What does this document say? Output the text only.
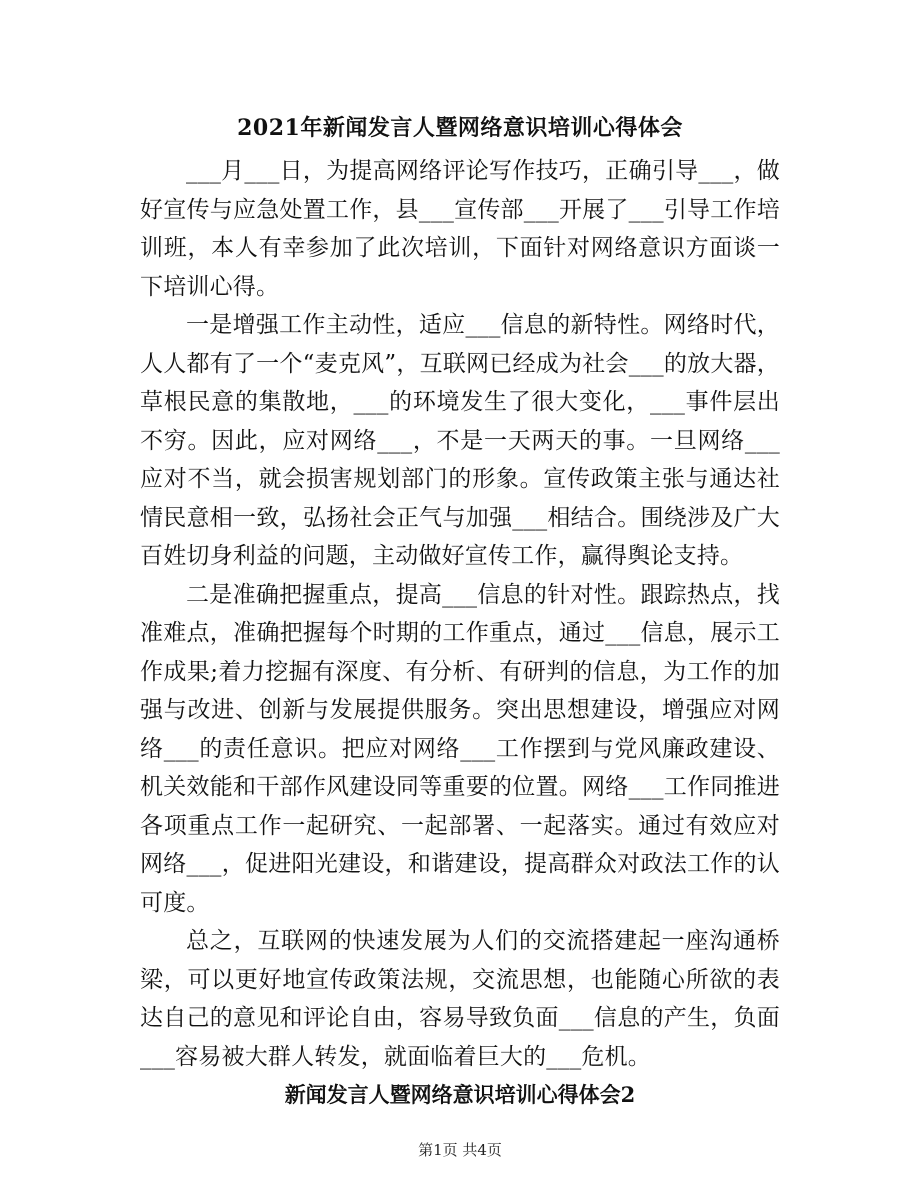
2021年新闻发言人暨网络意识培训心得体会

___月___日，为提高网络评论写作技巧，正确引导___，做好宣传与应急处置工作，县___宣传部___开展了___引导工作培训班，本人有幸参加了此次培训，下面针对网络意识方面谈一下培训心得。

一是增强工作主动性，适应___信息的新特性。网络时代，人人都有了一个“麦克风”，互联网已经成为社会___的放大器，草根民意的集散地，___的环境发生了很大变化，___事件层出不穷。因此，应对网络___，不是一天两天的事。一旦网络___应对不当，就会损害规划部门的形象。宣传政策主张与通达社情民意相一致，弘扬社会正气与加强___相结合。围绕涉及广大百姓切身利益的问题，主动做好宣传工作，赢得舆论支持。

二是准确把握重点，提高___信息的针对性。跟踪热点，找准难点，准确把握每个时期的工作重点，通过___信息，展示工作成果;着力挖掘有深度、有分析、有研判的信息，为工作的加强与改进、创新与发展提供服务。突出思想建设，增强应对网络___的责任意识。把应对网络___工作摆到与党风廉政建设、机关效能和干部作风建设同等重要的位置。网络___工作同推进各项重点工作一起研究、一起部署、一起落实。通过有效应对网络___，促进阳光建设，和谐建设，提高群众对政法工作的认可度。

总之，互联网的快速发展为人们的交流搭建起一座沟通桥梁，可以更好地宣传政策法规，交流思想，也能随心所欲的表达自己的意见和评论自由，容易导致负面___信息的产生，负面___容易被大群人转发，就面临着巨大的___危机。

新闻发言人暨网络意识培训心得体会2
第1页 共4页
